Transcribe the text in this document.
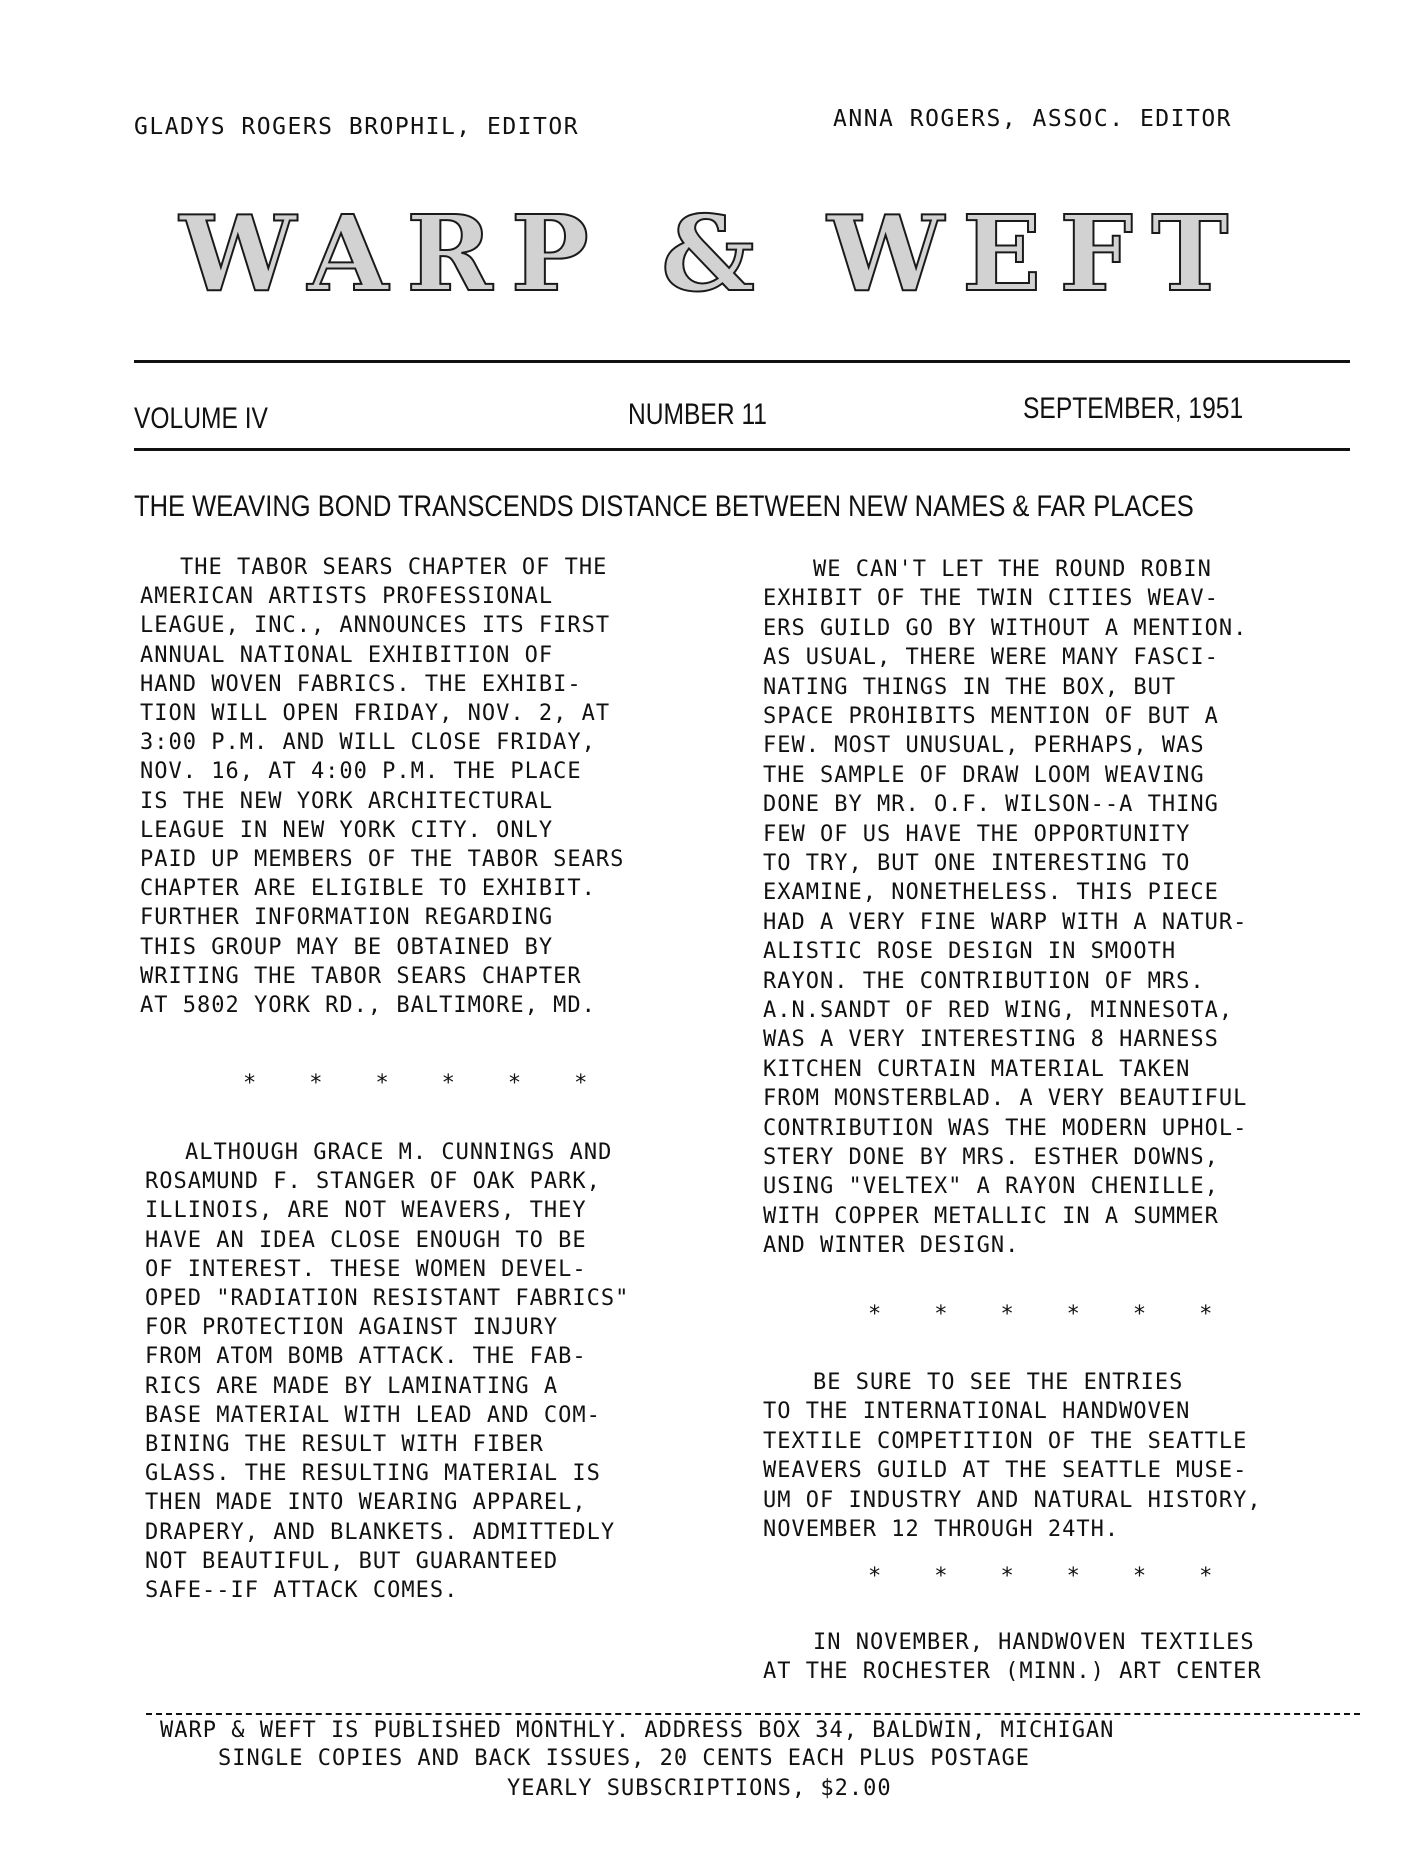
GLADYS ROGERS BROPHIL, EDITOR	ANNA ROGERS, ASSOC. EDITOR
WARP & WEFT
VOLUME IV	NUMBER 11	SEPTEMBER, 1951
THE WEAVING BOND TRANSCENDS DISTANCE BETWEEN NEW NAMES & FAR PLACES
THE TABOR SEARS CHAPTER OF THE
AMERICAN ARTISTS PROFESSIONAL
LEAGUE, INC., ANNOUNCES ITS FIRST
ANNUAL NATIONAL EXHIBITION OF
HAND WOVEN FABRICS. THE EXHIBI-
TION WILL OPEN FRIDAY, NOV. 2, AT
3:00 P.M. AND WILL CLOSE FRIDAY,
NOV. 16, AT 4:00 P.M. THE PLACE
IS THE NEW YORK ARCHITECTURAL
LEAGUE IN NEW YORK CITY. ONLY
PAID UP MEMBERS OF THE TABOR SEARS
CHAPTER ARE ELIGIBLE TO EXHIBIT.
FURTHER INFORMATION REGARDING
THIS GROUP MAY BE OBTAINED BY
WRITING THE TABOR SEARS CHAPTER
AT 5802 YORK RD., BALTIMORE, MD.
*    *    *    *    *    *
ALTHOUGH GRACE M. CUNNINGS AND
ROSAMUND F. STANGER OF OAK PARK,
ILLINOIS, ARE NOT WEAVERS, THEY
HAVE AN IDEA CLOSE ENOUGH TO BE
OF INTEREST. THESE WOMEN DEVEL-
OPED "RADIATION RESISTANT FABRICS"
FOR PROTECTION AGAINST INJURY
FROM ATOM BOMB ATTACK. THE FAB-
RICS ARE MADE BY LAMINATING A
BASE MATERIAL WITH LEAD AND COM-
BINING THE RESULT WITH FIBER
GLASS. THE RESULTING MATERIAL IS
THEN MADE INTO WEARING APPAREL,
DRAPERY, AND BLANKETS. ADMITTEDLY
NOT BEAUTIFUL, BUT GUARANTEED
SAFE--IF ATTACK COMES.
WE CAN'T LET THE ROUND ROBIN
EXHIBIT OF THE TWIN CITIES WEAV-
ERS GUILD GO BY WITHOUT A MENTION.
AS USUAL, THERE WERE MANY FASCI-
NATING THINGS IN THE BOX, BUT
SPACE PROHIBITS MENTION OF BUT A
FEW. MOST UNUSUAL, PERHAPS, WAS
THE SAMPLE OF DRAW LOOM WEAVING
DONE BY MR. O.F. WILSON--A THING
FEW OF US HAVE THE OPPORTUNITY
TO TRY, BUT ONE INTERESTING TO
EXAMINE, NONETHELESS. THIS PIECE
HAD A VERY FINE WARP WITH A NATUR-
ALISTIC ROSE DESIGN IN SMOOTH
RAYON. THE CONTRIBUTION OF MRS.
A.N.SANDT OF RED WING, MINNESOTA,
WAS A VERY INTERESTING 8 HARNESS
KITCHEN CURTAIN MATERIAL TAKEN
FROM MONSTERBLAD. A VERY BEAUTIFUL
CONTRIBUTION WAS THE MODERN UPHOL-
STERY DONE BY MRS. ESTHER DOWNS,
USING "VELTEX" A RAYON CHENILLE,
WITH COPPER METALLIC IN A SUMMER
AND WINTER DESIGN.
*    *    *    *    *    *
BE SURE TO SEE THE ENTRIES
TO THE INTERNATIONAL HANDWOVEN
TEXTILE COMPETITION OF THE SEATTLE
WEAVERS GUILD AT THE SEATTLE MUSE-
UM OF INDUSTRY AND NATURAL HISTORY,
NOVEMBER 12 THROUGH 24TH.
*    *    *    *    *    *
IN NOVEMBER, HANDWOVEN TEXTILES
AT THE ROCHESTER (MINN.) ART CENTER
WARP & WEFT IS PUBLISHED MONTHLY. ADDRESS BOX 34, BALDWIN, MICHIGAN
SINGLE COPIES AND BACK ISSUES, 20 CENTS EACH PLUS POSTAGE
YEARLY SUBSCRIPTIONS, $2.00
